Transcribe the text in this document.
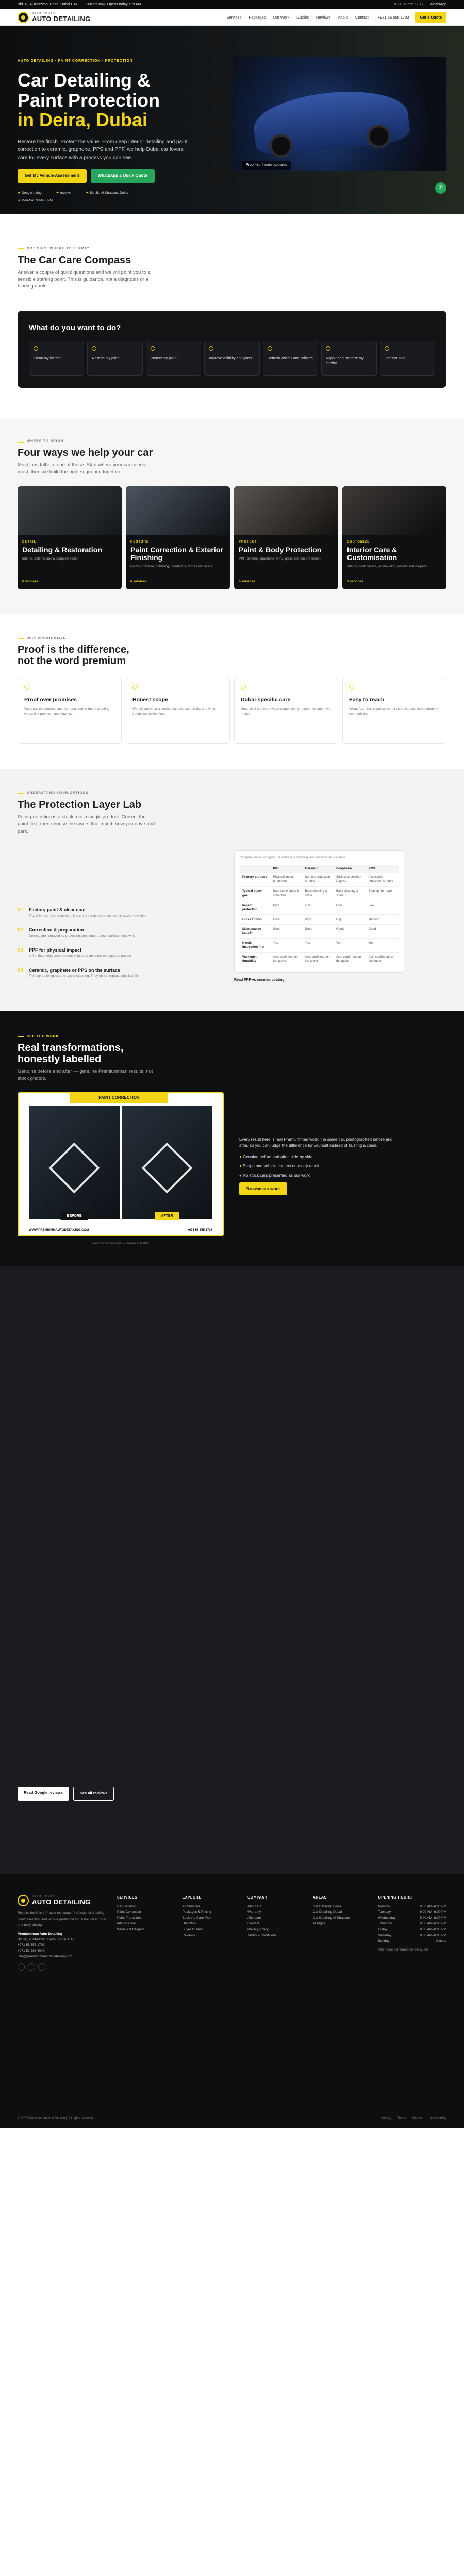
Bld 3L, Al Khazzan, Deira, Dubai UAE Current now: Opens today at 9 AM	+971 56 555 1703 WhatsApp
PREMIUMMAN
AUTO DETAILING	Services Packages Our Work Guides Reviews About Contact +971 56 555 1703	Get a Quote
AUTO DETAILING · PAINT CORRECTION · PROTECTION
Car Detailing &
Paint Protection
in Deira, Dubai

Restore the finish. Protect the value. From deep interior detailing and paint correction to ceramic, graphene, PPS and PPF, we help Dubai car lovers care for every surface with a process you can see.

Get My Vehicle Assessment	WhatsApp a Quick Quote
★ Google rating	★ reviews	★ Bld 3L, Al Khazzan, Deira
★ Mon-Sat, 9 AM-6 PM
Proof-led, honest process
✆
NOT SURE WHERE TO START?
The Car Care Compass

Answer a couple of quick questions and we will point you to a sensible starting point. This is guidance, not a diagnosis or a binding quote.

What do you want to do?
Clean my interior	Restore my paint	Protect my paint	Improve visibility and glass	Refresh wheels and calipers	Repair or customize my interior
I am not sure
WHERE TO BEGIN
Four ways we help your car

Most jobs fall into one of these. Start where your car needs it most, then we build the right sequence together.

DETAIL
Detailing & Restoration

Interior, exterior and a complete reset.

6 services
RESTORE
Paint Correction & Exterior Finishing

Paint correction, polishing, headlights, trims and decals.

6 services
PROTECT
Paint & Body Protection

PPF, ceramic, graphene, PPS, glass and rim protection.

6 services
CUSTOMIZE
Interior Care & Customisation

Interior, seat covers, window film, wheels and calipers.

6 services
WHY PREMIUMMAN
Proof is the difference,
not the word premium
Proof over promises

We show the process and the result rather than repeating words like premium and flawless.

Honest scope

We tell you what a service can and cannot do, and what needs inspection first.

Dubai-specific care

Heat, dust and hard-water stages every recommendation we make.

Easy to reach

WhatsApp first response with a clear, structured summary of your vehicle.

UNDERSTAND YOUR OPTIONS
The Protection Layer Lab

Paint protection is a stack, not a single product. Correct the paint first, then choose the layers that match how you drive and park.

01	Factory paint & clear coat

The finish you are protecting. Once it is scratched or etched, it needs correction.

02	Correction & preparation

Defects are removed so protection goes onto a clean surface, not swirls.

03	PPF for physical impact

A film that helps absorb stone chips and abrasion on exposed panels.

04	Ceramic, graphene or PPS on the surface

Thin layers for gloss and easier cleaning. They do not replace physical film.

Compare protection types. Remarks and durability are indicative as guidance.
	PPF	Ceramic	Graphene	PPS
Primary purpose	Physical impact protection	Surface protection & gloss	Surface protection & gloss	Accessible protection & gloss
Typical buyer goal	Stop stone chips & scratches	Easy cleaning & shine	Easy cleaning & shine	Step up from wax
Impact protection	High	Low	Low	Low
Gloss / finish	Good	High	High	Medium
Maintenance benefit	Good	Good	Good	Good
Needs inspection first	Yes	Yes	Yes	Yes
Warranty / durability	Ask, confirmed on the quote	Ask, confirmed on the quote	Ask, confirmed on the quote	Ask, confirmed on the quote
Read PPF vs ceramic coating →
SEE THE WORK
Real transformations,
honestly labelled

Genuine before and after — genuine Premiumman results, not stock photos.

PAINT CORRECTION
BEFORE	AFTER
WWW.PREMIUMMAUTODETAILING.COM	+971 56 555 1703

Every result here is real Premiumman work: the same car, photographed before and after, so you can judge the difference for yourself instead of trusting a claim.

● Genuine before and after, side by side
● Scope and vehicle context on every result
● No stock cars presented as our work
Browse our work
Paint correction result — before and after
Read Google reviews	See all reviews
PREMIUMMAN
AUTO DETAILING

Restore the finish. Protect the value. Professional detailing, paint correction and vehicle protection for Dubai: clear, dust and daily driving.

Premiumman Auto Detailing
Bld 3L, Al Khazzan, Deira, Dubai, UAE
+971 56 555 1703
+971 52 888 4040
info@premiummanautodetailing.com
SERVICES
Car Detailing
Paint Correction
Paint Protection
Interior Care
Wheels & Calipers
EXPLORE
All Services
Packages & Pricing
Book the Care Plan
Our Work
Buyer Guides
Reviews
COMPANY
About Us
Warranty
Aftercare
Contact
Privacy Policy
Terms & Conditions
AREAS
Car Detailing Deira
Car Detailing Dubai
Car Detailing Al Khazzan
Al Rigga
OPENING HOURS
Monday	9:00 AM–6:00 PM
Tuesday	9:00 AM–6:00 PM
Wednesday	9:00 AM–6:00 PM
Thursday	9:00 AM–6:00 PM
Friday	9:00 AM–6:00 PM
Saturday	9:00 AM–6:00 PM
Sunday	Closed

Ask hours confirmed on the quote

© 2025 Premiumman Auto Detailing. All rights reserved.	Privacy Terms Sitemap Accessibility
